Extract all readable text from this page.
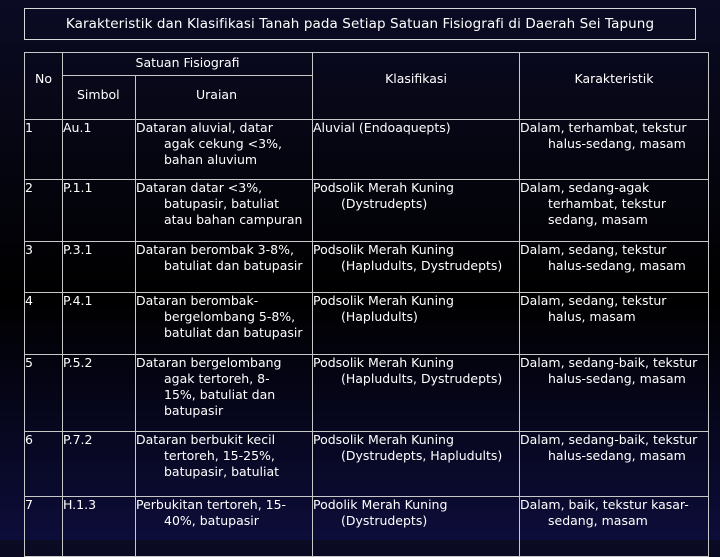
Karakteristik dan Klasifikasi Tanah pada Setiap Satuan Fisiografi di Daerah Sei Tapung
No	Satuan Fisiografi		Klasifikasi	Karakteristik
	Simbol	Uraian		
1	Au.1	Dataran aluvial, datar
agak cekung <3%,
bahan aluvium	Aluvial (Endoaquepts)	Dalam, terhambat, tekstur
halus-sedang, masam

2	P.1.1	Dataran datar <3%,
batupasir, batuliat
atau bahan campuran	Podsolik Merah Kuning
(Dystrudepts)	Dalam, sedang-agak
terhambat, tekstur
sedang, masam

3	P.3.1	Dataran berombak 3-8%,
batuliat dan batupasir	Podsolik Merah Kuning
(Hapludults, Dystrudepts)	Dalam, sedang, tekstur
halus-sedang, masam

4	P.4.1	Dataran berombak-
bergelombang 5-8%,
batuliat dan batupasir	Podsolik Merah Kuning
(Hapludults)	Dalam, sedang, tekstur
halus, masam

5	P.5.2	Dataran bergelombang
agak tertoreh, 8-
15%, batuliat dan
batupasir	Podsolik Merah Kuning
(Hapludults, Dystrudepts)	Dalam, sedang-baik, tekstur
halus-sedang, masam

6	P.7.2	Dataran berbukit kecil
tertoreh, 15-25%,
batupasir, batuliat	Podsolik Merah Kuning
(Dystrudepts, Hapludults)	Dalam, sedang-baik, tekstur
halus-sedang, masam

7	H.1.3	Perbukitan tertoreh, 15-
40%, batupasir	Podolik Merah Kuning
(Dystrudepts)	Dalam, baik, tekstur kasar-
sedang, masam
